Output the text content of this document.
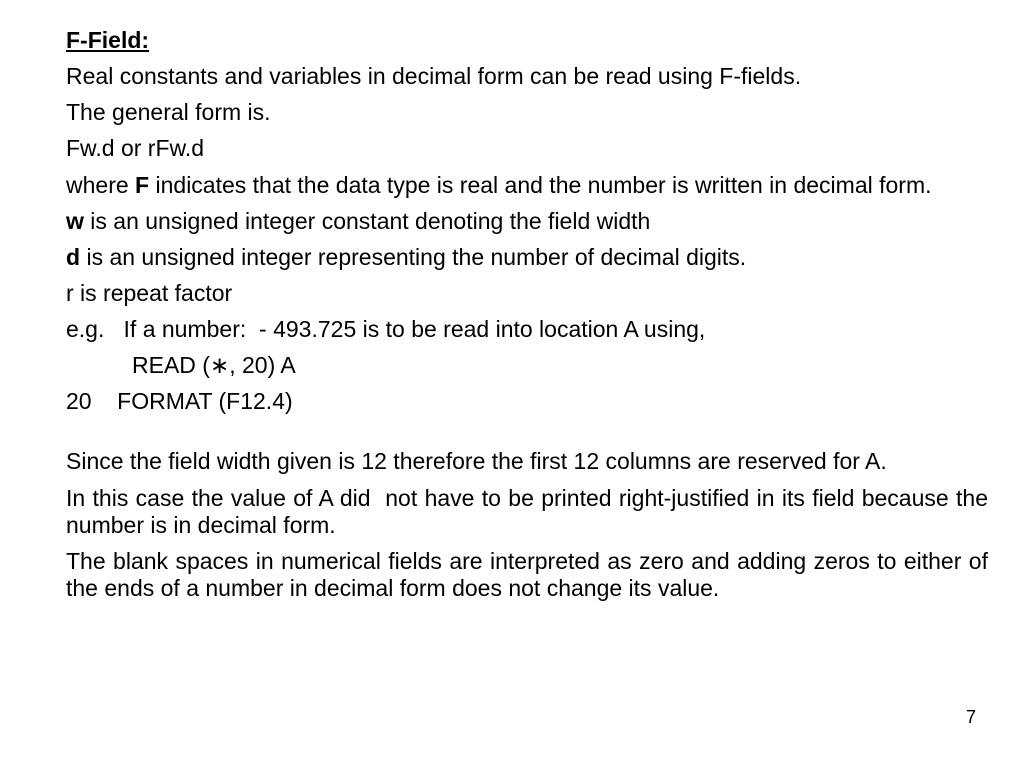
F-Field:
Real constants and variables in decimal form can be read using F-fields.
The general form is.
Fw.d or rFw.d
where F indicates that the data type is real and the number is written in decimal form.
w is an unsigned integer constant denoting the field width
d is an unsigned integer representing the number of decimal digits.
r is repeat factor
e.g.   If a number:  - 493.725 is to be read into location A using,
READ (∗, 20) A
20    FORMAT (F12.4)
Since the field width given is 12 therefore the first 12 columns are reserved for A.
In this case the value of A did  not have to be printed right-justified in its field because the number is in decimal form.
The blank spaces in numerical fields are interpreted as zero and adding zeros to either of the ends of a number in decimal form does not change its value.
7
